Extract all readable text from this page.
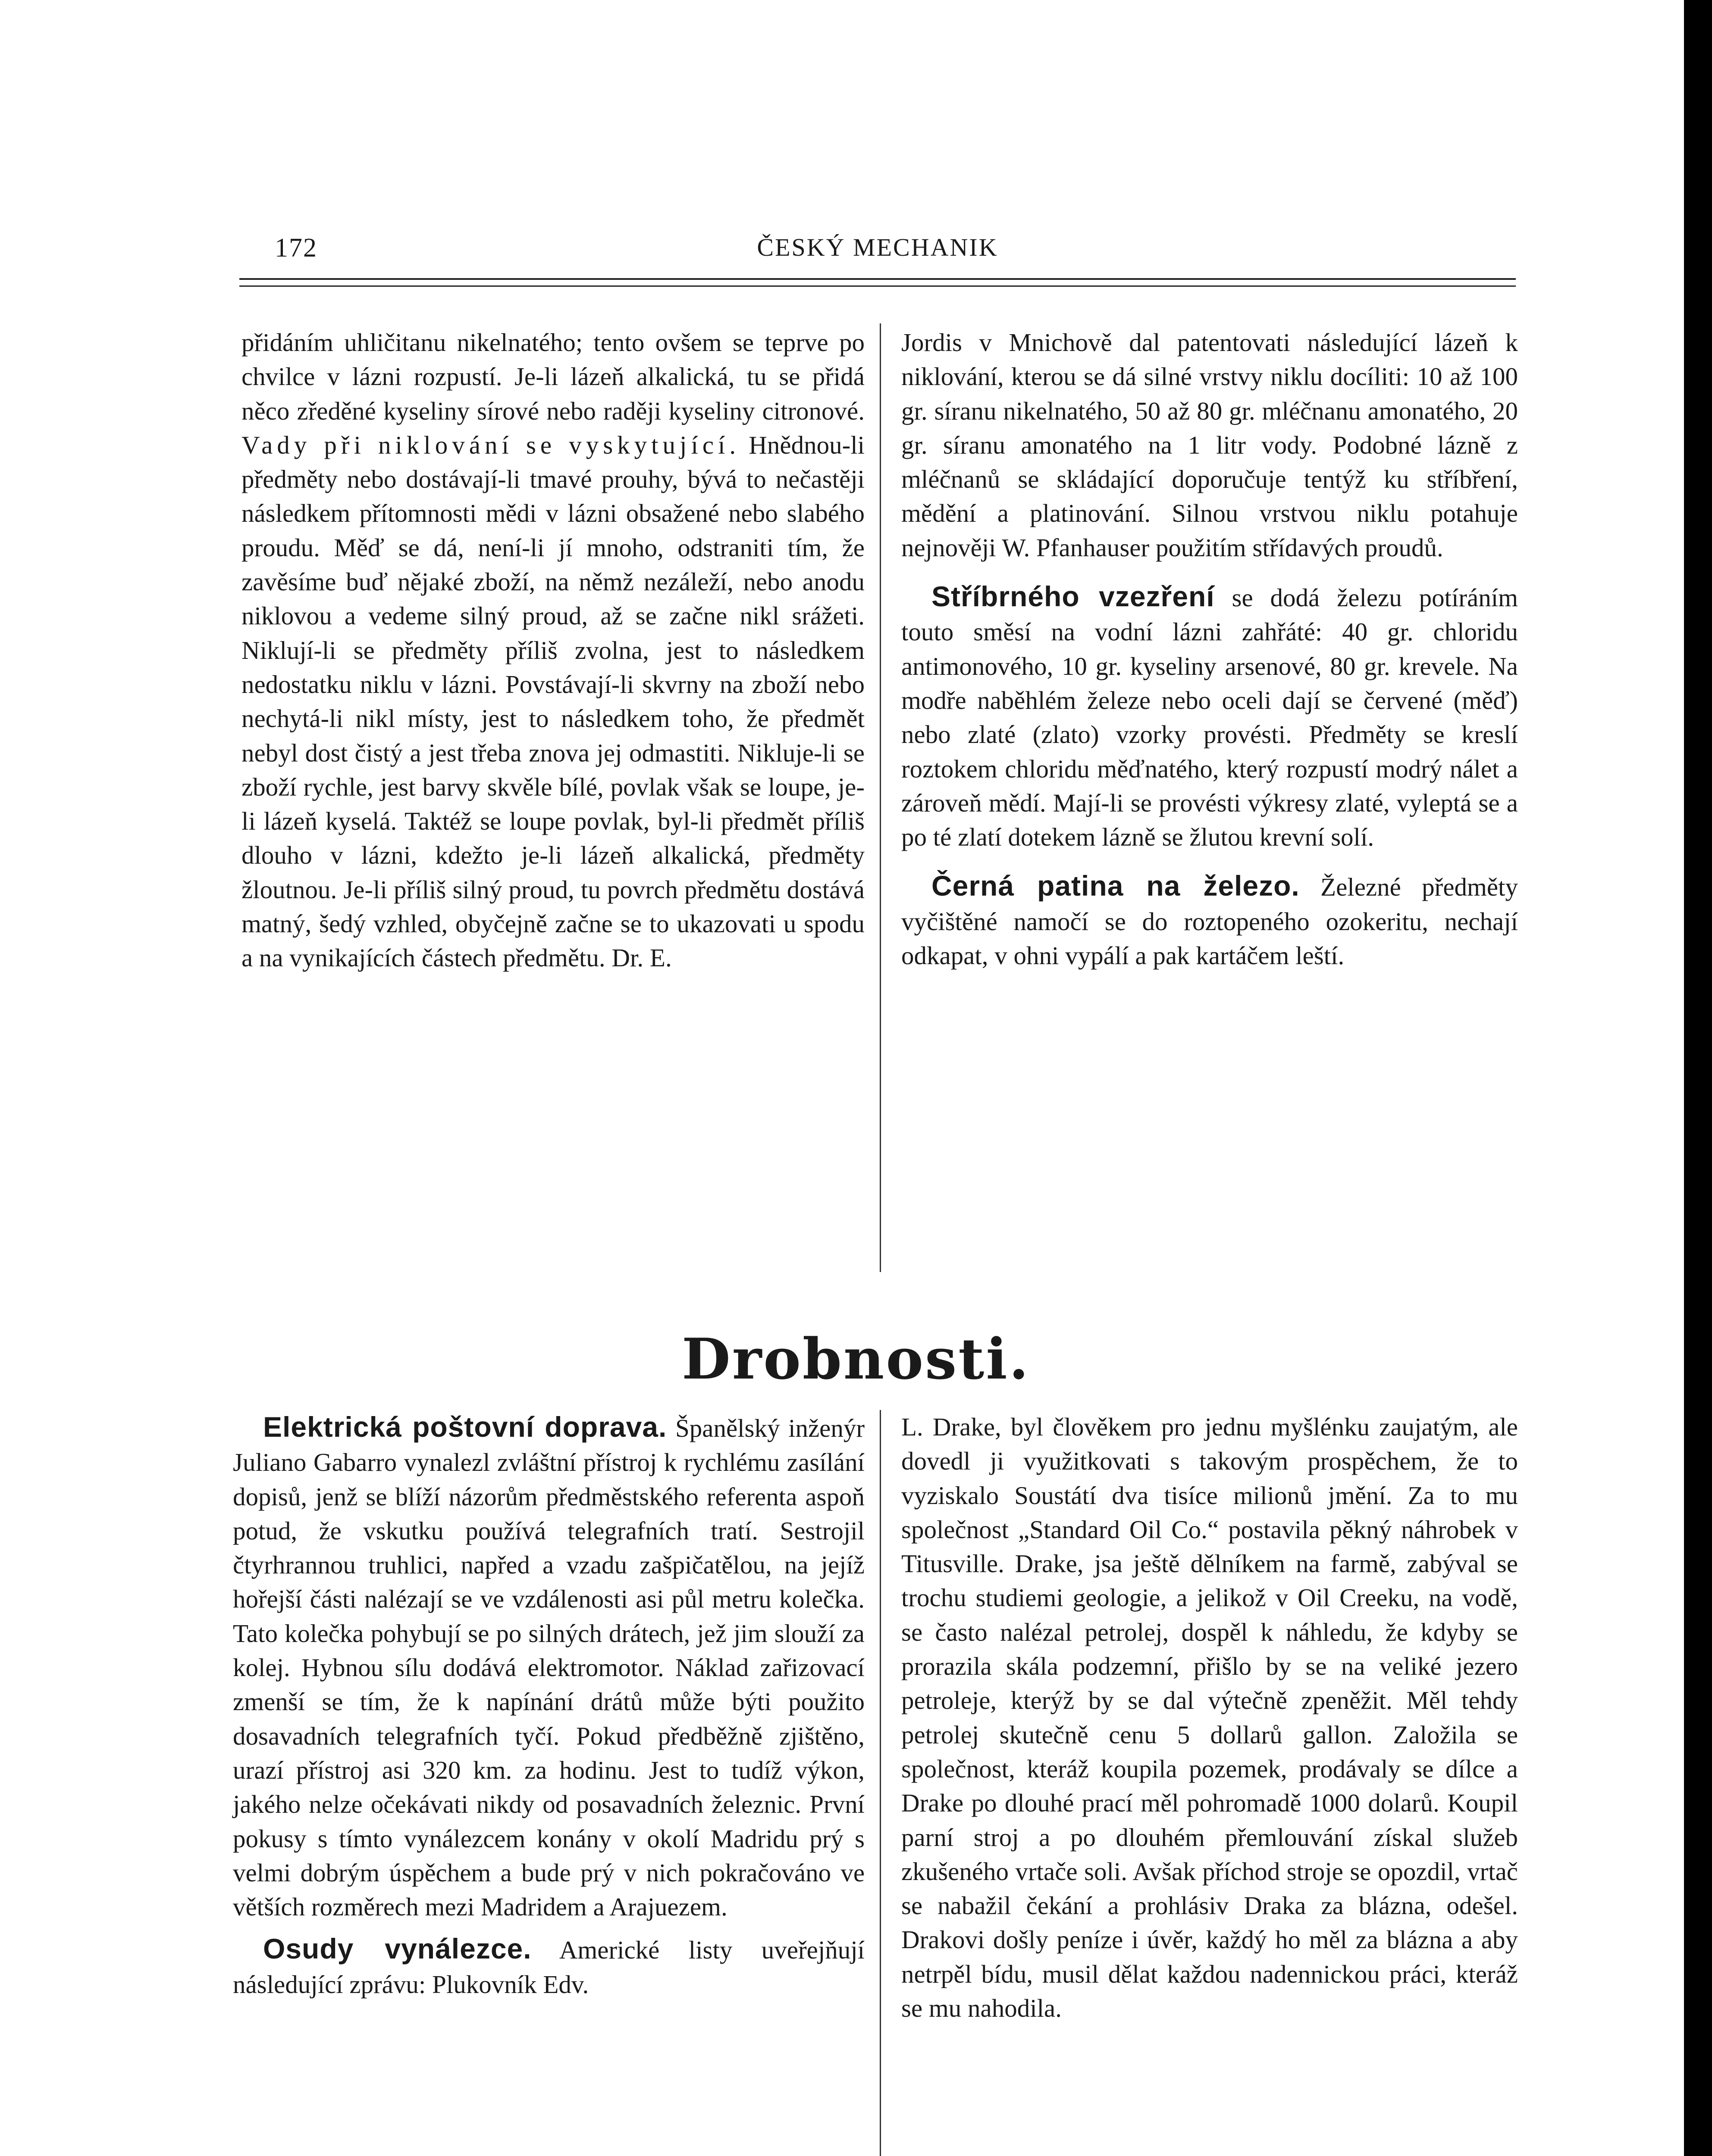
172	ČESKÝ MECHANIK

přidáním uhličitanu nikelnatého; tento ovšem se teprve po chvilce v lázni rozpustí. Je-li lázeň alkalická, tu se přidá něco zředěné kyseliny sírové nebo raději kyseliny citronové. Vady při niklování se vyskytující. Hnědnou-li předměty nebo dostávají-li tmavé prouhy, bývá to nečastěji následkem přítomnosti mědi v lázni obsažené nebo slabého proudu. Měď se dá, není-li jí mnoho, odstraniti tím, že zavěsíme buď nějaké zboží, na němž nezáleží, nebo anodu niklovou a vedeme silný proud, až se začne nikl srážeti. Niklují-li se předměty příliš zvolna, jest to následkem nedostatku niklu v lázni. Povstávají-li skvrny na zboží nebo nechytá-li nikl místy, jest to následkem toho, že předmět nebyl dost čistý a jest třeba znova jej odmastiti. Nikluje-li se zboží rychle, jest barvy skvěle bílé, povlak však se loupe, je-li lázeň kyselá. Taktéž se loupe povlak, byl-li předmět příliš dlouho v lázni, kdežto je-li lázeň alkalická, předměty žloutnou. Je-li příliš silný proud, tu povrch předmětu dostává matný, šedý vzhled, obyčejně začne se to ukazovati u spodu a na vynikajících částech předmětu. Dr. E.

Jordis v Mnichově dal patentovati následující lázeň k niklování, kterou se dá silné vrstvy niklu docíliti: 10 až 100 gr. síranu nikelnatého, 50 až 80 gr. mléčnanu amonatého, 20 gr. síranu amonatého na 1 litr vody. Podobné lázně z mléčnanů se skládající doporučuje tentýž ku stříbření, mědění a platinování. Silnou vrstvou niklu potahuje nejnověji W. Pfanhauser použitím střídavých proudů.

Stříbrného vzezření se dodá železu potíráním touto směsí na vodní lázni zahřáté: 40 gr. chloridu antimonového, 10 gr. kyseliny arsenové, 80 gr. krevele. Na modře naběhlém železe nebo oceli dají se červené (měď) nebo zlaté (zlato) vzorky provésti. Předměty se kreslí roztokem chloridu měďnatého, který rozpustí modrý nálet a zároveň mědí. Mají-li se provésti výkresy zlaté, vyleptá se a po té zlatí dotekem lázně se žlutou krevní solí.

Černá patina na železo. Železné předměty vyčištěné namočí se do roztopeného ozokeritu, nechají odkapat, v ohni vypálí a pak kartáčem leští.

Drobnosti.

Elektrická poštovní doprava. Španělský inženýr Juliano Gabarro vynalezl zvláštní přístroj k rychlému zasílání dopisů, jenž se blíží názorům předměstského referenta aspoň potud, že vskutku používá telegrafních tratí. Sestrojil čtyrhrannou truhlici, napřed a vzadu zašpičatělou, na jejíž hořejší části nalézají se ve vzdálenosti asi půl metru kolečka. Tato kolečka pohybují se po silných drátech, jež jim slouží za kolej. Hybnou sílu dodává elektromotor. Náklad zařizovací zmenší se tím, že k napínání drátů může býti použito dosavadních telegrafních tyčí. Pokud předběžně zjištěno, urazí přístroj asi 320 km. za hodinu. Jest to tudíž výkon, jakého nelze očekávati nikdy od posavadních železnic. První pokusy s tímto vynálezcem konány v okolí Madridu prý s velmi dobrým úspěchem a bude prý v nich pokračováno ve větších rozměrech mezi Madridem a Arajuezem.

Osudy vynálezce. Americké listy uveřejňují následující zprávu: Plukovník Edv.

L. Drake, byl člověkem pro jednu myšlénku zaujatým, ale dovedl ji využitkovati s takovým prospěchem, že to vyziskalo Soustátí dva tisíce milionů jmění. Za to mu společnost „Standard Oil Co.“ postavila pěkný náhrobek v Titusville. Drake, jsa ještě dělníkem na farmě, zabýval se trochu studiemi geologie, a jelikož v Oil Creeku, na vodě, se často nalézal petrolej, dospěl k náhledu, že kdyby se prorazila skála podzemní, přišlo by se na veliké jezero petroleje, kterýž by se dal výtečně zpeněžit. Měl tehdy petrolej skutečně cenu 5 dollarů gallon. Založila se společnost, kteráž koupila pozemek, prodávaly se dílce a Drake po dlouhé prací měl pohromadě 1000 dolarů. Koupil parní stroj a po dlouhém přemlouvání získal služeb zkušeného vrtače soli. Avšak příchod stroje se opozdil, vrtač se nabažil čekání a prohlásiv Draka za blázna, odešel. Drakovi došly peníze i úvěr, každý ho měl za blázna a aby netrpěl bídu, musil dělat každou nadennickou práci, kteráž se mu nahodila.
